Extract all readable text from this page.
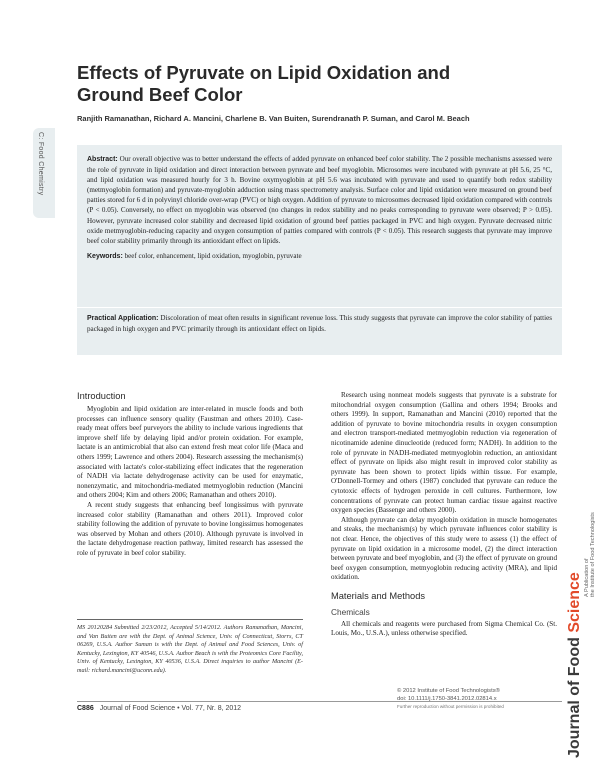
Effects of Pyruvate on Lipid Oxidation and Ground Beef Color
Ranjith Ramanathan, Richard A. Mancini, Charlene B. Van Buiten, Surendranath P. Suman, and Carol M. Beach
C: Food Chemistry	Abstract: Our overall objective was to better understand the effects of added pyruvate on enhanced beef color stability. The 2 possible mechanisms assessed were the role of pyruvate in lipid oxidation and direct interaction between pyruvate and beef myoglobin. Microsomes were incubated with pyruvate at pH 5.6, 25 °C, and lipid oxidation was measured hourly for 3 h. Bovine oxymyoglobin at pH 5.6 was incubated with pyruvate and used to quantify both redox stability (metmyoglobin formation) and pyruvate-myoglobin adduction using mass spectrometry analysis. Surface color and lipid oxidation were measured on ground beef patties stored for 6 d in polyvinyl chloride over-wrap (PVC) or high oxygen. Addition of pyruvate to microsomes decreased lipid oxidation compared with controls (P < 0.05). Conversely, no effect on myoglobin was observed (no changes in redox stability and no peaks corresponding to pyruvate were observed; P > 0.05). However, pyruvate increased color stability and decreased lipid oxidation of ground beef patties packaged in PVC and high oxygen. Pyruvate decreased nitric oxide metmyoglobin-reducing capacity and oxygen consumption of patties compared with controls (P < 0.05). This research suggests that pyruvate may improve beef color stability primarily through its antioxidant effect on lipids.
Keywords: beef color, enhancement, lipid oxidation, myoglobin, pyruvate
Practical Application: Discoloration of meat often results in significant revenue loss. This study suggests that pyruvate can improve the color stability of patties packaged in high oxygen and PVC primarily through its antioxidant effect on lipids.
Introduction

Myoglobin and lipid oxidation are inter-related in muscle foods and both processes can influence sensory quality (Faustman and others 2010). Case-ready meat offers beef purveyors the ability to include various ingredients that improve shelf life by delaying lipid and/or protein oxidation. For example, lactate is an antimicrobial that also can extend fresh meat color life (Maca and others 1999; Lawrence and others 2004). Research assessing the mechanism(s) associated with lactate's color-stabilizing effect indicates that the regeneration of NADH via lactate dehydrogenase activity can be used for enzymatic, nonenzymatic, and mitochondria-mediated metmyoglobin reduction (Mancini and others 2004; Kim and others 2006; Ramanathan and others 2010).

A recent study suggests that enhancing beef longissimus with pyruvate increased color stability (Ramanathan and others 2011). Improved color stability following the addition of pyruvate to bovine longissimus homogenates was observed by Mohan and others (2010). Although pyruvate is involved in the lactate dehydrogenase reaction pathway, limited research has assessed the role of pyruvate in beef color stability.

MS 20120284 Submitted 2/23/2012, Accepted 5/14/2012. Authors Ramanathan, Mancini, and Van Buiten are with the Dept. of Animal Science, Univ. of Connecticut, Storrs, CT 06269, U.S.A. Author Suman is with the Dept. of Animal and Food Sciences, Univ. of Kentucky, Lexington, KY 40546, U.S.A. Author Beach is with the Proteomics Core Facility, Univ. of Kentucky, Lexington, KY 40536, U.S.A. Direct inquiries to author Mancini (E-mail: richard.mancini@uconn.edu).

Research using nonmeat models suggests that pyruvate is a substrate for mitochondrial oxygen consumption (Gallina and others 1994; Brooks and others 1999). In support, Ramanathan and Mancini (2010) reported that the addition of pyruvate to bovine mitochondria results in oxygen consumption and electron transport-mediated metmyoglobin reduction via regeneration of nicotinamide adenine dinucleotide (reduced form; NADH). In addition to the role of pyruvate in NADH-mediated metmyoglobin reduction, an antioxidant effect of pyruvate on lipids also might result in improved color stability as pyruvate has been shown to protect lipids within tissue. For example, O'Donnell-Tormey and others (1987) concluded that pyruvate can reduce the cytotoxic effects of hydrogen peroxide in cell cultures. Furthermore, low concentrations of pyruvate can protect human cardiac tissue against reactive oxygen species (Bassenge and others 2000).

Although pyruvate can delay myoglobin oxidation in muscle homogenates and steaks, the mechanism(s) by which pyruvate influences color stability is not clear. Hence, the objectives of this study were to assess (1) the effect of pyruvate on lipid oxidation in a microsome model, (2) the direct interaction between pyruvate and beef myoglobin, and (3) the effect of pyruvate on ground beef oxygen consumption, metmyoglobin reducing activity (MRA), and lipid oxidation.

Materials and Methods
Chemicals

All chemicals and reagents were purchased from Sigma Chemical Co. (St. Louis, Mo., U.S.A.), unless otherwise specified.

© 2012 Institute of Food Technologists®
doi: 10.1111/j.1750-3841.2012.02814.x
Further reproduction without permission is prohibited
C886 Journal of Food Science • Vol. 77, Nr. 8, 2012	Journal of Food Science A Publication of the Institute of Food Technologists
